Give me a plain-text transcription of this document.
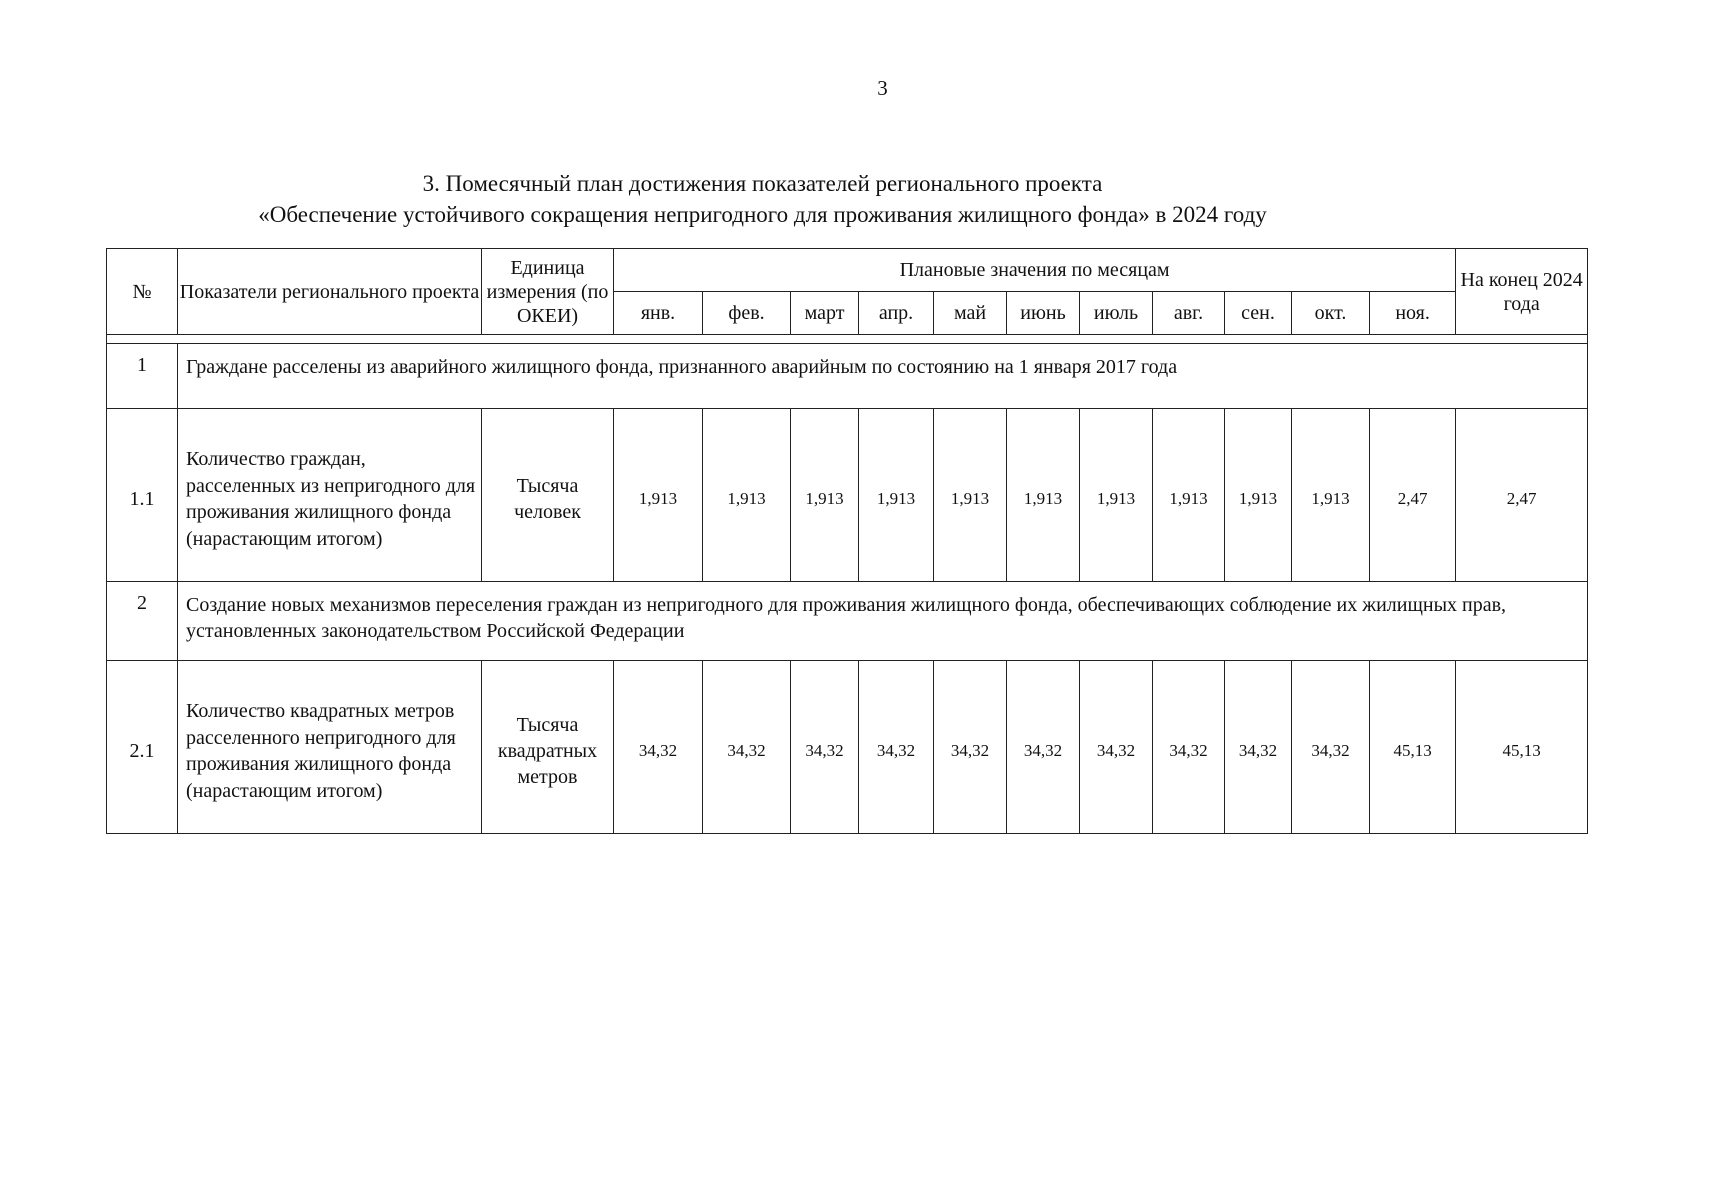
3
3. Помесячный план достижения показателей регионального проекта
«Обеспечение устойчивого сокращения непригодного для проживания жилищного фонда» в 2024 году
№	Показатели регионального проекта	Единица измерения (по ОКЕИ)	Плановые значения по месяцам											На конец 2024 года
			янв.	фев.	март	апр.	май	июнь	июль	авг.	сен.	окт.	ноя.	

1	Граждане расселены из аварийного жилищного фонда, признанного аварийным по состоянию на 1 января 2017 года													
1.1	Количество граждан, расселенных из непригодного для проживания жилищного фонда (нарастающим итогом)	Тысяча человек	1,913	1,913	1,913	1,913	1,913	1,913	1,913	1,913	1,913	1,913	2,47	2,47
2	Создание новых механизмов переселения граждан из непригодного для проживания жилищного фонда, обеспечивающих соблюдение их жилищных прав, установленных законодательством Российской Федерации													
2.1	Количество квадратных метров расселенного непригодного для проживания жилищного фонда (нарастающим итогом)	Тысяча квадратных метров	34,32	34,32	34,32	34,32	34,32	34,32	34,32	34,32	34,32	34,32	45,13	45,13
